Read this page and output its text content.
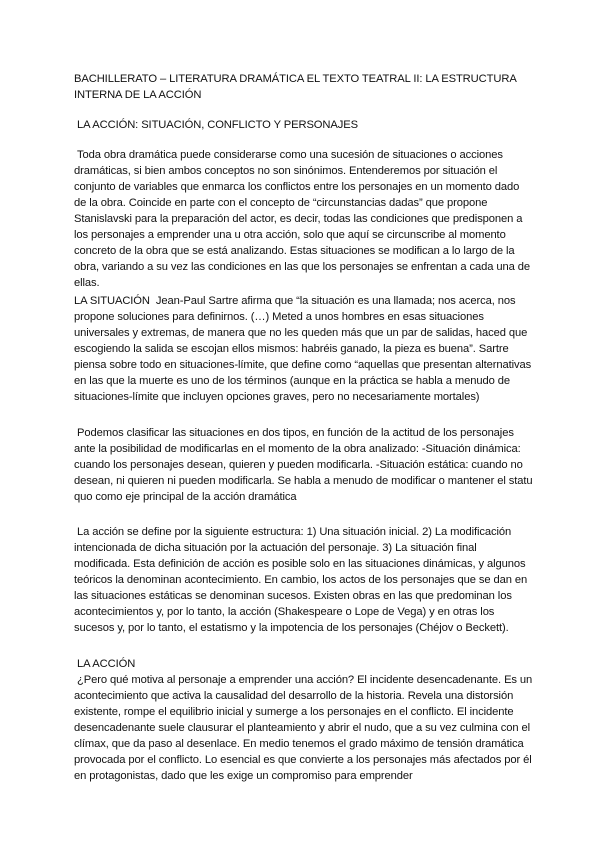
BACHILLERATO – LITERATURA DRAMÁTICA EL TEXTO TEATRAL II: LA ESTRUCTURA INTERNA DE LA ACCIÓN

LA ACCIÓN: SITUACIÓN, CONFLICTO Y PERSONAJES

Toda obra dramática puede considerarse como una sucesión de situaciones o acciones dramáticas, si bien ambos conceptos no son sinónimos. Entenderemos por situación el conjunto de variables que enmarca los conflictos entre los personajes en un momento dado de la obra. Coincide en parte con el concepto de “circunstancias dadas” que propone Stanislavski para la preparación del actor, es decir, todas las condiciones que predisponen a los personajes a emprender una u otra acción, solo que aquí se circunscribe al momento concreto de la obra que se está analizando. Estas situaciones se modifican a lo largo de la obra, variando a su vez las condiciones en las que los personajes se enfrentan a cada una de ellas.

LA SITUACIÓN Jean-Paul Sartre afirma que “la situación es una llamada; nos acerca, nos propone soluciones para definirnos. (…) Meted a unos hombres en esas situaciones universales y extremas, de manera que no les queden más que un par de salidas, haced que escogiendo la salida se escojan ellos mismos: habréis ganado, la pieza es buena”. Sartre piensa sobre todo en situaciones-límite, que define como “aquellas que presentan alternativas en las que la muerte es uno de los términos (aunque en la práctica se habla a menudo de situaciones-límite que incluyen opciones graves, pero no necesariamente mortales)

Podemos clasificar las situaciones en dos tipos, en función de la actitud de los personajes ante la posibilidad de modificarlas en el momento de la obra analizado: -Situación dinámica: cuando los personajes desean, quieren y pueden modificarla. -Situación estática: cuando no desean, ni quieren ni pueden modificarla. Se habla a menudo de modificar o mantener el statu quo como eje principal de la acción dramática

La acción se define por la siguiente estructura: 1) Una situación inicial. 2) La modificación intencionada de dicha situación por la actuación del personaje. 3) La situación final modificada. Esta definición de acción es posible solo en las situaciones dinámicas, y algunos teóricos la denominan acontecimiento. En cambio, los actos de los personajes que se dan en las situaciones estáticas se denominan sucesos. Existen obras en las que predominan los acontecimientos y, por lo tanto, la acción (Shakespeare o Lope de Vega) y en otras los sucesos y, por lo tanto, el estatismo y la impotencia de los personajes (Chéjov o Beckett).

LA ACCIÓN
¿Pero qué motiva al personaje a emprender una acción? El incidente desencadenante. Es un acontecimiento que activa la causalidad del desarrollo de la historia. Revela una distorsión existente, rompe el equilibrio inicial y sumerge a los personajes en el conflicto. El incidente desencadenante suele clausurar el planteamiento y abrir el nudo, que a su vez culmina con el clímax, que da paso al desenlace. En medio tenemos el grado máximo de tensión dramática provocada por el conflicto. Lo esencial es que convierte a los personajes más afectados por él en protagonistas, dado que les exige un compromiso para emprender
